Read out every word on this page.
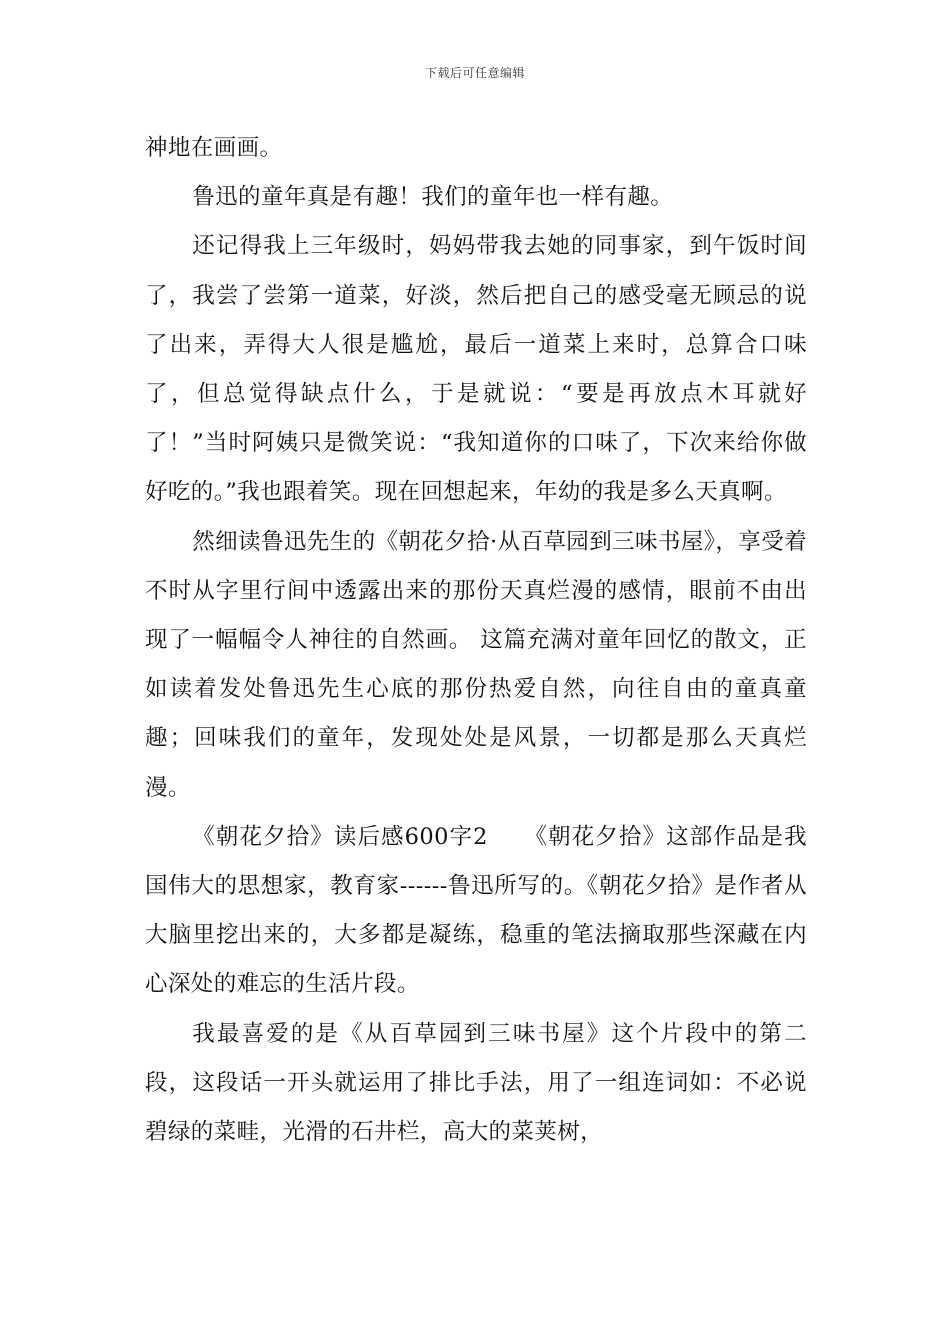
下载后可任意编辑

神地在画画。

鲁迅的童年真是有趣！我们的童年也一样有趣。

还记得我上三年级时，妈妈带我去她的同事家，到午饭时间了，我尝了尝第一道菜，好淡，然后把自己的感受毫无顾忌的说了出来，弄得大人很是尴尬，最后一道菜上来时，总算合口味了，但总觉得缺点什么，于是就说：“要是再放点木耳就好了！”当时阿姨只是微笑说：“我知道你的口味了，下次来给你做好吃的。”我也跟着笑。现在回想起来，年幼的我是多么天真啊。

然细读鲁迅先生的《朝花夕拾·从百草园到三味书屋》，享受着不时从字里行间中透露出来的那份天真烂漫的感情，眼前不由出现了一幅幅令人神往的自然画。 这篇充满对童年回忆的散文，正如读着发处鲁迅先生心底的那份热爱自然，向往自由的童真童趣；回味我们的童年，发现处处是风景，一切都是那么天真烂漫。

《朝花夕拾》读后感600字2　　《朝花夕拾》这部作品是我国伟大的思想家，教育家------鲁迅所写的。《朝花夕拾》是作者从大脑里挖出来的，大多都是凝练，稳重的笔法摘取那些深藏在内心深处的难忘的生活片段。

我最喜爱的是《从百草园到三味书屋》这个片段中的第二段，这段话一开头就运用了排比手法，用了一组连词如：不必说碧绿的菜畦，光滑的石井栏，高大的菜荚树，
